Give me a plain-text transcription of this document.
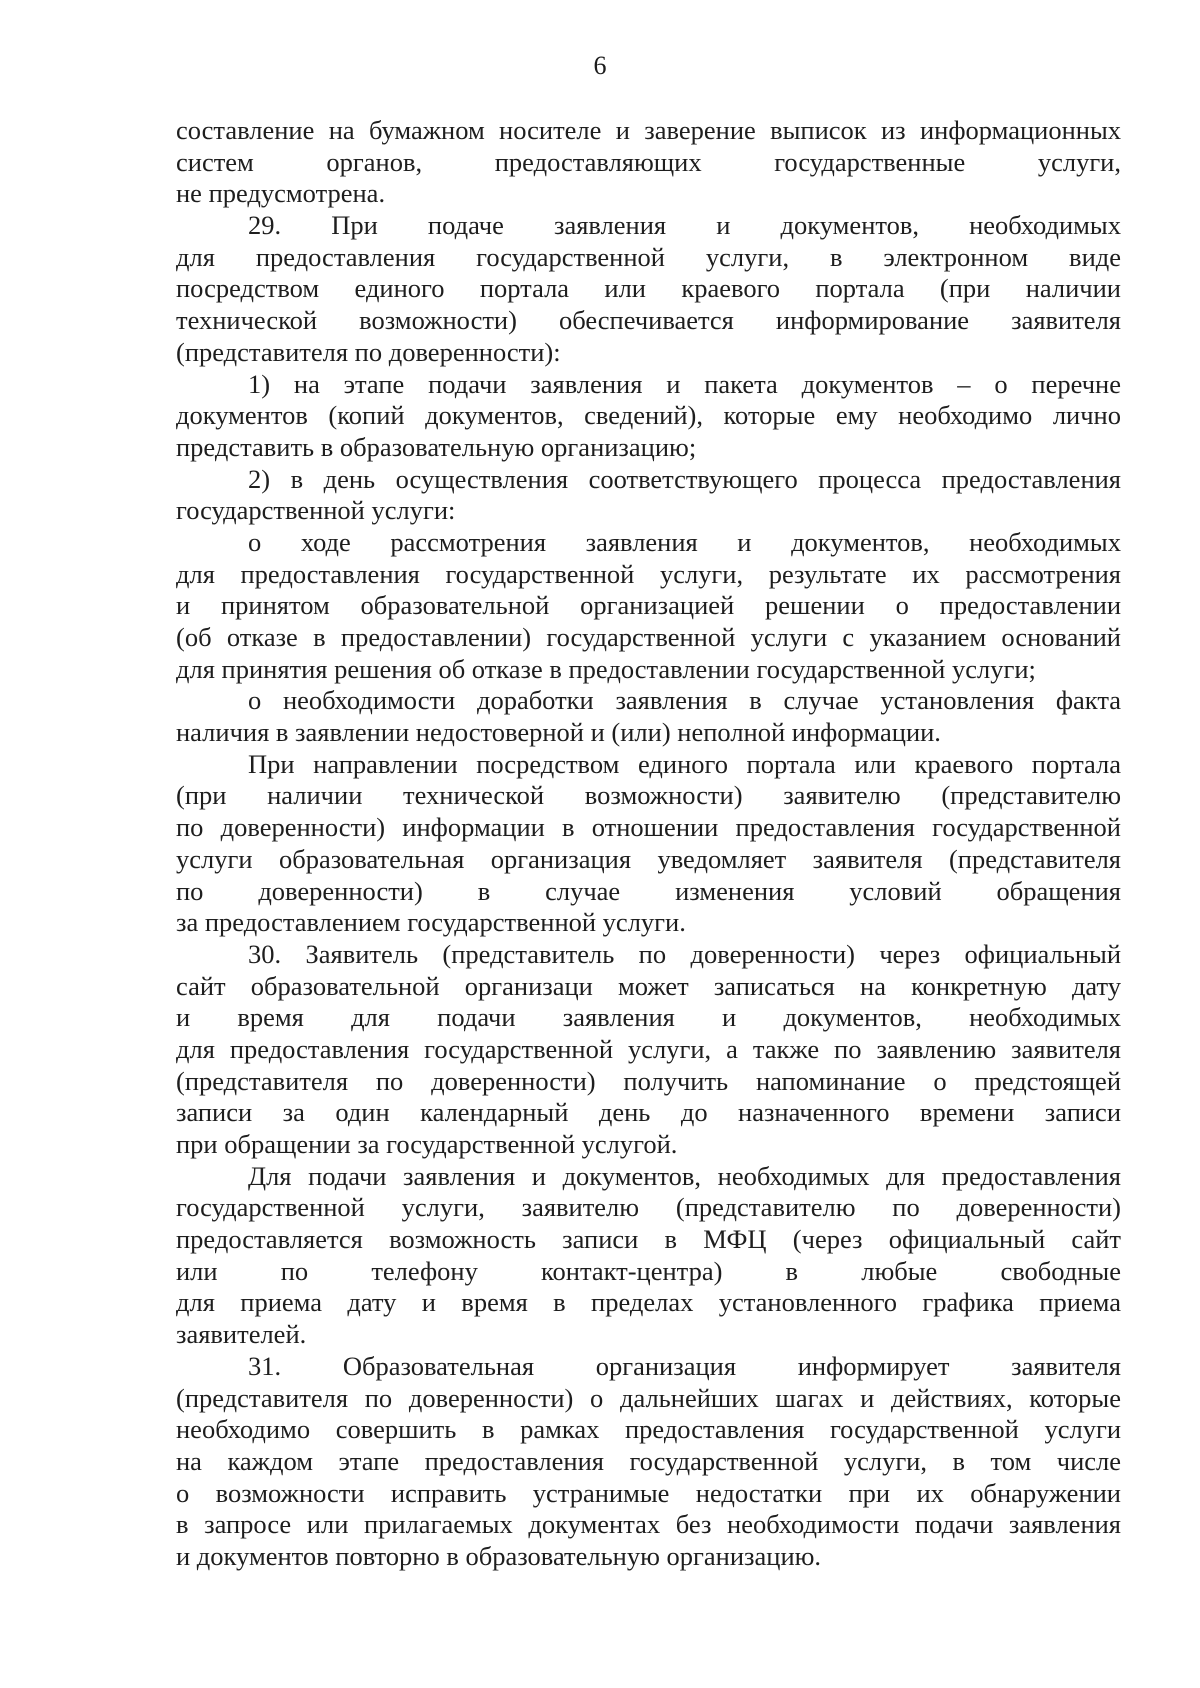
6
составление на бумажном носителе и заверение выписок из информационных
систем органов, предоставляющих государственные услуги,
не предусмотрена.
29. При подаче заявления и документов, необходимых
для предоставления государственной услуги, в электронном виде
посредством единого портала или краевого портала (при наличии
технической возможности) обеспечивается информирование заявителя
(представителя по доверенности):
1) на этапе подачи заявления и пакета документов – о перечне
документов (копий документов, сведений), которые ему необходимо лично
представить в образовательную организацию;
2) в день осуществления соответствующего процесса предоставления
государственной услуги:
о ходе рассмотрения заявления и документов, необходимых
для предоставления государственной услуги, результате их рассмотрения
и принятом образовательной организацией решении о предоставлении
(об отказе в предоставлении) государственной услуги с указанием оснований
для принятия решения об отказе в предоставлении государственной услуги;
о необходимости доработки заявления в случае установления факта
наличия в заявлении недостоверной и (или) неполной информации.
При направлении посредством единого портала или краевого портала
(при наличии технической возможности) заявителю (представителю
по доверенности) информации в отношении предоставления государственной
услуги образовательная организация уведомляет заявителя (представителя
по доверенности) в случае изменения условий обращения
за предоставлением государственной услуги.
30. Заявитель (представитель по доверенности) через официальный
сайт образовательной организаци может записаться на конкретную дату
и время для подачи заявления и документов, необходимых
для предоставления государственной услуги, а также по заявлению заявителя
(представителя по доверенности) получить напоминание о предстоящей
записи за один календарный день до назначенного времени записи
при обращении за государственной услугой.
Для подачи заявления и документов, необходимых для предоставления
государственной услуги, заявителю (представителю по доверенности)
предоставляется возможность записи в МФЦ (через официальный сайт
или по телефону контакт-центра) в любые свободные
для приема дату и время в пределах установленного графика приема
заявителей.
31. Образовательная организация информирует заявителя
(представителя по доверенности) о дальнейших шагах и действиях, которые
необходимо совершить в рамках предоставления государственной услуги
на каждом этапе предоставления государственной услуги, в том числе
о возможности исправить устранимые недостатки при их обнаружении
в запросе или прилагаемых документах без необходимости подачи заявления
и документов повторно в образовательную организацию.
